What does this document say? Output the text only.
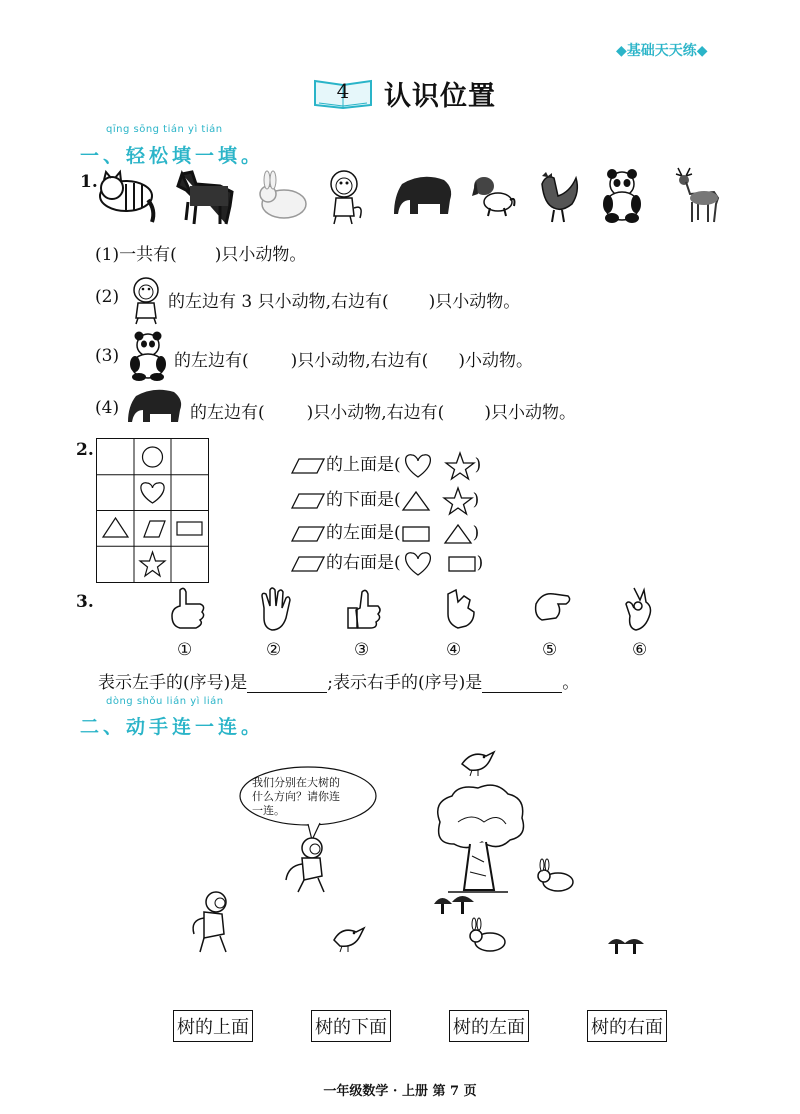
◆基础天天练◆
4	认识位置
qīng sōng tián yì tián
一、轻松填一填。
1.
(1)一共有( )只小动物。
(2)	的左边有 3 只小动物,右边有( )只小动物。
(3)	的左边有( )只小动物,右边有( )小动物。
(4)	的左边有( )只小动物,右边有( )只小动物。
2.
的上面是(	)
的下面是(	)
的左面是(	)
的右面是(	)
3.
①	②	③	④	⑤	⑥
表示左手的(序号)是	;表示右手的(序号)是	。
dòng shǒu lián yì lián
二、动手连一连。
我们分别在大树的
什么方向？请你连
一连。
树的上面	树的下面	树的左面	树的右面
一年级数学 · 上册 第 7 页
